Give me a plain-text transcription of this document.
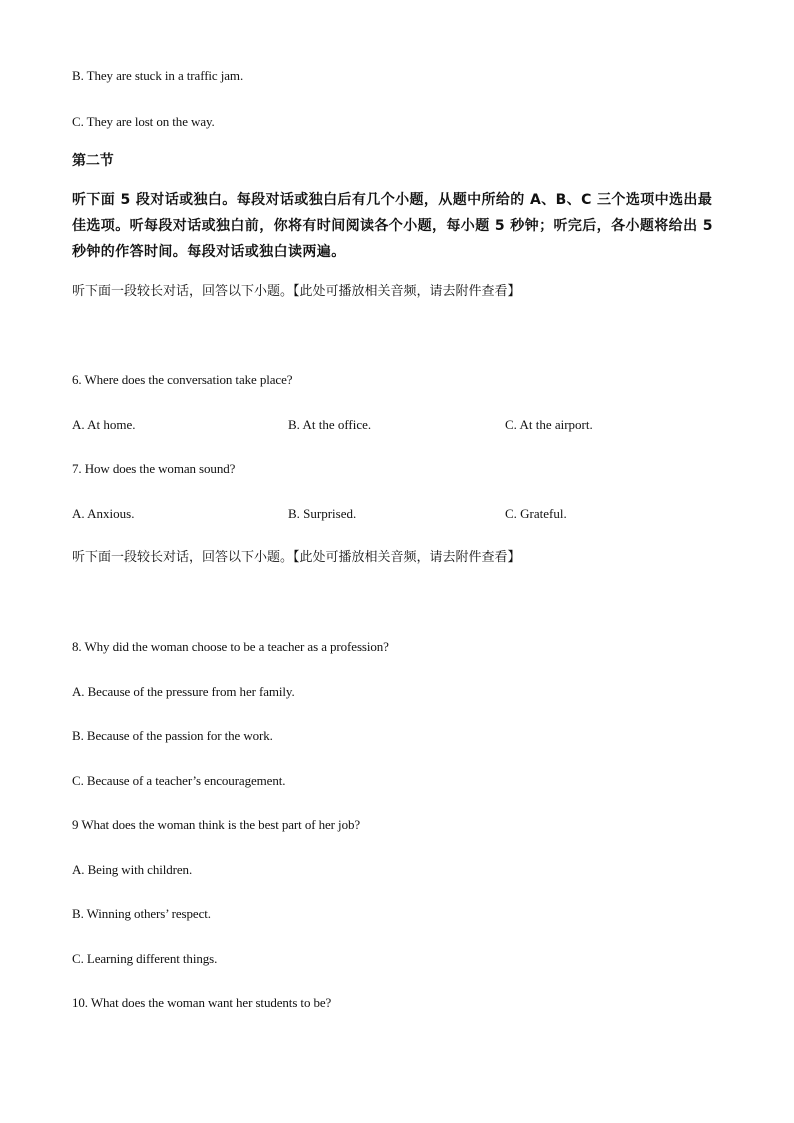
B. They are stuck in a traffic jam.
C. They are lost on the way.
第二节
听下面 5 段对话或独白。每段对话或独白后有几个小题，从题中所给的 A、B、C 三个选项中选出最佳选项。听每段对话或独白前，你将有时间阅读各个小题，每小题 5 秒钟；听完后，各小题将给出 5 秒钟的作答时间。每段对话或独白读两遍。
听下面一段较长对话，回答以下小题。【此处可播放相关音频，请去附件查看】
6. Where does the conversation take place?
A. At home.	B. At the office.	C. At the airport.
7. How does the woman sound?
A. Anxious.	B. Surprised.	C. Grateful.
听下面一段较长对话，回答以下小题。【此处可播放相关音频，请去附件查看】
8. Why did the woman choose to be a teacher as a profession?
A. Because of the pressure from her family.
B. Because of the passion for the work.
C. Because of a teacher’s encouragement.
9 What does the woman think is the best part of her job?
A. Being with children.
B. Winning others’ respect.
C. Learning different things.
10. What does the woman want her students to be?
